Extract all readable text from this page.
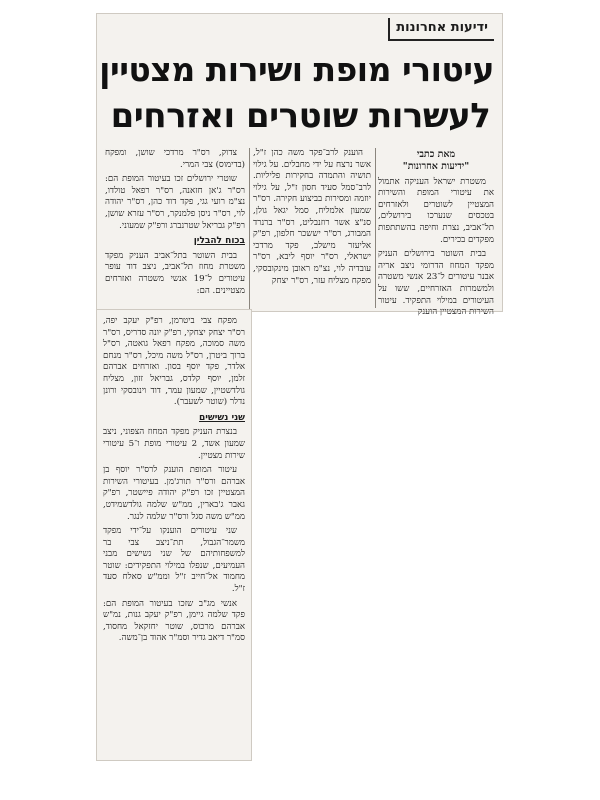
ידיעות אחרונות
עיטורי מופת ושירות מצטיין
לעשרות שוטרים ואזרחים
מאת כתבי
"ידיעות אחרונות"

משטרת ישראל העניקה אתמול את עיטורי המופת והשירות המצטיין לשוטרים ולאזרחים בטכסים שנערכו בירושלים, תל־אביב, נצרת וחיפה בהשתתפות מפקדים בכירים.

בבית השוטר בירושלים העניק מפקד המחוז הדרומי ניצב אריה אבנר עיטורים ל־23 אנשי משטרה ולמשמרות האזרחיים, ששו על העיטורים במילוי התפקיד. עיטור השירות המצטיין הוענק

הוענק לרב־פקד משה כהן ז"ל, אשר נרצח על ידי מחבלים. על גילוי תושיה והתמדה בחקירות פליליות. לרב־סמל סעיד חסון ז"ל, על גילוי יוזמה ומסירות בביצוע חקירה. רס"ר שמעון אלמליח, סמל יגאל גולן, סנ"צ אשר רוזנבליט, רס"ר ברנרד המבורג, רס"ר יששכר חלפון, רפ"ק אליעזר מישלב, פקד מרדכי ישראלי, רס"ר יוסף ליבא, רס"ר עובדיה לוי, נצ"מ ראובן מינקובסקי, מפקח מצליח עזר, רס"ר יצחק

צדוק, רס"ר מרדכי שושן, ומפקח (בדימוס) צבי המרי.

שוטרי ירושלים זכו בעיטור המופת הם: רס"ר ג'אן חזאנה, רס"ר רפאל טולדו, נצ"מ רועי גגי, פקד דוד כהן, רס"ר יהודה לוי, רס"ר ניסן פלמנקר, רס"ר עזרא שושן, רפ"ק גבריאל שטרנברג ורפ"ק שמעוני.

בכוח להבלין

בבית השוטר בתל־אביב העניק מפקד משטרת מחוז תל־אביב, ניצב דוד עופר עיטורים ל־19 אנשי משטרה ואזרחים מצטיינים. הם:

מפקח צבי ביטרמן, רפ"ק יעקב יפה, רס"ר יצחק יצחקי, רפ"ק יונה סדריס, רס"ר משה סמוכה, מפקח רפאל גואטה, רס"ל ברוך ביטרן, רס"ל משה מיכל, רס"ר מנחם אלדר, פקד יוסף בסון. ואזרחים אברהם זלמן, יוסף קלדס, גבריאל זזון, מצליח גולדשטיין, שמעון עמר, דוד וינובסקי ורונן נדלר (שוטר לשעבר).

שני נשישים

בנצרת העניק מפקד המחוז הצפוני, ניצב שמעון אשד, 2 עיטורי מופת ו־5 עיטורי שירות מצטיין.

עיטור המופת הוענק לרס"ר יוסף בן אברהם ורס"ר תורג'מן. בעיטורי השירות המצטיין זכו רפ"ק יהודה פיישטר, רפ"ק גאבר ג'בארין, ממ"ש שלמה גולדשמידט, ממ"ש משה סגל ורס"ר שלמה לנגר.

שני עיטורים הוענקו על־ידי מפקד משמר־הגבול, תת־ניצב צבי בר למשפחותיהם של שני נשישים מבני העמיעים, שנפלו במילוי התפקידים: שוטר מחמוד אל־חייב ז"ל וממ"ש סאלח סעד ז"ל.

אנשי מג"ב שזכו בעיטור המופת הם: פקד שלמה גיימן, רפ"ק יעקב גנות, נמ"ש אברהם מרכוס, שוטר יחזקאל מחסוד, סמ"ר דיאב גדיר וסמ"ר אהוד בן־משה.
